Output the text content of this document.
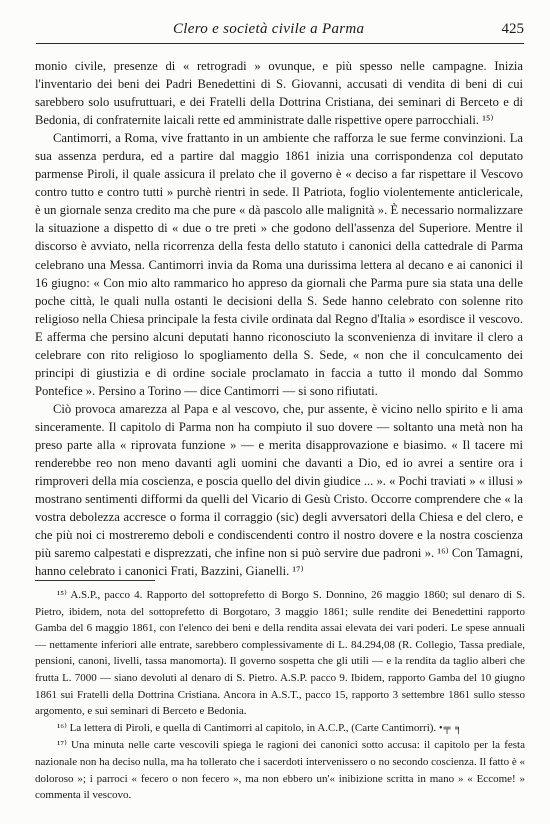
Clero e società civile a Parma	425

monio civile, presenze di « retrogradi » ovunque, e più spesso nelle campagne. Inizia l'inventario dei beni dei Padri Benedettini di S. Giovanni, accusati di vendita di beni di cui sarebbero solo usufruttuari, e dei Fratelli della Dottrina Cristiana, dei seminari di Berceto e di Bedonia, di confraternite laicali rette ed amministrate dalle rispettive opere parrocchiali. ¹⁵⁾

Cantimorri, a Roma, vive frattanto in un ambiente che rafforza le sue ferme convinzioni. La sua assenza perdura, ed a partire dal maggio 1861 inizia una corrispondenza col deputato parmense Piroli, il quale assicura il prelato che il governo è « deciso a far rispettare il Vescovo contro tutto e contro tutti » purchè rientri in sede. Il Patriota, foglio violentemente anticlericale, è un giornale senza credito ma che pure « dà pascolo alle malignità ». È necessario normalizzare la situazione a dispetto di « due o tre preti » che godono dell'assenza del Superiore. Mentre il discorso è avviato, nella ricorrenza della festa dello statuto i canonici della cattedrale di Parma celebrano una Messa. Cantimorri invia da Roma una durissima lettera al decano e ai canonici il 16 giugno: « Con mio alto rammarico ho appreso da giornali che Parma pure sia stata una delle poche città, le quali nulla ostanti le decisioni della S. Sede hanno celebrato con solenne rito religioso nella Chiesa principale la festa civile ordinata dal Regno d'Italia » esordisce il vescovo. E afferma che persino alcuni deputati hanno riconosciuto la sconvenienza di invitare il clero a celebrare con rito religioso lo spogliamento della S. Sede, « non che il conculcamento dei principi di giustizia e di ordine sociale proclamato in faccia a tutto il mondo dal Sommo Pontefice ». Persino a Torino — dice Cantimorri — si sono rifiutati.

Ciò provoca amarezza al Papa e al vescovo, che, pur assente, è vicino nello spirito e li ama sinceramente. Il capitolo di Parma non ha compiuto il suo dovere — soltanto una metà non ha preso parte alla « riprovata funzione » — e merita disapprovazione e biasimo. « Il tacere mi renderebbe reo non meno davanti agli uomini che davanti a Dio, ed io avrei a sentire ora i rimproveri della mia coscienza, e poscia quello del divin giudice ... ». « Pochi traviati » « illusi » mostrano sentimenti difformi da quelli del Vicario di Gesù Cristo. Occorre comprendere che « la vostra debolezza accresce o forma il corraggio (sic) degli avversatori della Chiesa e del clero, e che più noi ci mostreremo deboli e condiscendenti contro il nostro dovere e la nostra coscienza più saremo calpestati e disprezzati, che infine non si può servire due padroni ». ¹⁶⁾ Con Tamagni, hanno celebrato i canonici Frati, Bazzini, Gianelli. ¹⁷⁾

¹⁵⁾ A.S.P., pacco 4. Rapporto del sottoprefetto di Borgo S. Donnino, 26 maggio 1860; sul denaro di S. Pietro, ibidem, nota del sottoprefetto di Borgotaro, 3 maggio 1861; sulle rendite dei Benedettini rapporto Gamba del 6 maggio 1861, con l'elenco dei beni e della rendita assai elevata dei vari poderi. Le spese annuali — nettamente inferiori alle entrate, sarebbero complessivamente di L. 84.294,08 (R. Collegio, Tassa prediale, pensioni, canoni, livelli, tassa manomorta). Il governo sospetta che gli utili — e la rendita da taglio alberi che frutta L. 7000 — siano devoluti al denaro di S. Pietro. A.S.P. pacco 9. Ibidem, rapporto Gamba del 10 giugno 1861 sui Fratelli della Dottrina Cristiana. Ancora in A.S.T., pacco 15, rapporto 3 settembre 1861 sullo stesso argomento, e sui seminari di Berceto e Bedonia.

¹⁶⁾ La lettera di Piroli, e quella di Cantimorri al capitolo, in A.C.P., (Carte Cantimorri). •╤ ╕

¹⁷⁾ Una minuta nelle carte vescovili spiega le ragioni dei canonici sotto accusa: il capitolo per la festa nazionale non ha deciso nulla, ma ha tollerato che i sacerdoti intervenissero o no secondo coscienza. Il fatto è « doloroso »; i parroci « fecero o non fecero », ma non ebbero un'« inibizione scritta in mano » « Eccome! » commenta il vescovo.
